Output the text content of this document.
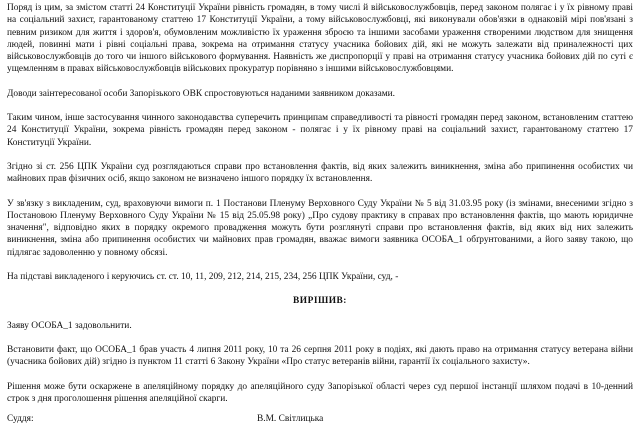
Поряд із цим, за змістом статті 24 Конституції України рівність громадян, в тому числі й військовослужбовців, перед законом полягає і у їх рівному праві на соціальний захист, гарантованому статтею 17 Конституції України, а тому військовослужбовці, які виконували обов'язки в однаковій мірі пов'язані з певним ризиком для життя і здоров'я, обумовленим можливістю їх ураження зброєю та іншими засобами ураження створеними людством для знищення людей, повинні мати і рівні соціальні права, зокрема на отримання статусу учасника бойових дій, які не можуть залежати від приналежності цих військовослужбовців до того чи іншого військового формування. Наявність же диспропорції у праві на отримання статусу учасника бойових дій по суті є ущемленням в правах військовослужбовців військових прокуратур порівняно з іншими військовослужбовцями.

Доводи заінтересованої особи Запорізького ОВК спростовуються наданими заявником доказами.

Таким чином, інше застосування чинного законодавства суперечить принципам справедливості та рівності громадян перед законом, встановленим статтею 24 Конституції України, зокрема рівність громадян перед законом - полягає і у їх рівному праві на соціальний захист, гарантованому статтею 17 Конституції України.

Згідно зі ст. 256 ЦПК України суд розглядаються справи про встановлення фактів, від яких залежить виникнення, зміна або припинення особистих чи майнових прав фізичних осіб, якщо законом не визначено іншого порядку їх встановлення.

У зв'язку з викладеним, суд, враховуючи вимоги п. 1 Постанови Пленуму Верховного Суду України № 5 від 31.03.95 року (із змінами, внесеними згідно з Постановою Пленуму Верховного Суду України № 15 від 25.05.98 року) „Про судову практику в справах про встановлення фактів, що мають юридичне значення", відповідно яких в порядку окремого провадження можуть бути розглянуті справи про встановлення фактів, від яких від них залежить виникнення, зміна або припинення особистих чи майнових прав громадян, вважає вимоги заявника ОСОБА_1 обґрунтованими, а його заяву такою, що підлягає задоволенню у повному обсязі.

На підставі викладеного і керуючись ст. ст. 10, 11, 209, 212, 214, 215, 234, 256 ЦПК України, суд, -

ВИРІШИВ:

Заяву ОСОБА_1 задовольнити.

Встановити факт, що ОСОБА_1 брав участь 4 липня 2011 року, 10 та 26 серпня 2011 року в подіях, які дають право на отримання статусу ветерана війни (учасника бойових дій) згідно із пунктом 11 статті 6 Закону України «Про статус ветеранів війни, гарантії їх соціального захисту».

Рішення може бути оскаржене в апеляційному порядку до апеляційного суду Запорізької області через суд першої інстанції шляхом подачі в 10-денний строк з дня проголошення рішення апеляційної скарги.

Суддя:	В.М. Світлицька
